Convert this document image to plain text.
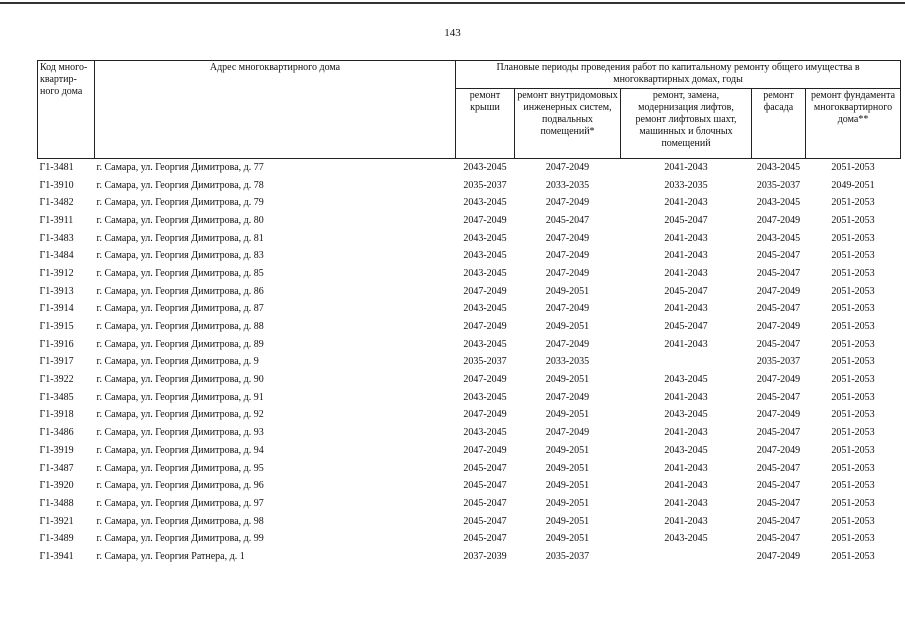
143
Код много-квартир-ного дома	Адрес многоквартирного дома	Плановые периоды проведения работ по капитальному ремонту общего имущества в многоквартирных домах, годы				
		ремонт крыши	ремонт внутридомовых инженерных систем, подвальных помещений*	ремонт, замена, модернизация лифтов, ремонт лифтовых шахт, машинных и блочных помещений	ремонт фасада	ремонт фундамента многоквартирного дома**
Г1-3481	г. Самара, ул. Георгия Димитрова, д. 77	2043-2045	2047-2049	2041-2043	2043-2045	2051-2053
Г1-3910	г. Самара, ул. Георгия Димитрова, д. 78	2035-2037	2033-2035	2033-2035	2035-2037	2049-2051
Г1-3482	г. Самара, ул. Георгия Димитрова, д. 79	2043-2045	2047-2049	2041-2043	2043-2045	2051-2053
Г1-3911	г. Самара, ул. Георгия Димитрова, д. 80	2047-2049	2045-2047	2045-2047	2047-2049	2051-2053
Г1-3483	г. Самара, ул. Георгия Димитрова, д. 81	2043-2045	2047-2049	2041-2043	2043-2045	2051-2053
Г1-3484	г. Самара, ул. Георгия Димитрова, д. 83	2043-2045	2047-2049	2041-2043	2045-2047	2051-2053
Г1-3912	г. Самара, ул. Георгия Димитрова, д. 85	2043-2045	2047-2049	2041-2043	2045-2047	2051-2053
Г1-3913	г. Самара, ул. Георгия Димитрова, д. 86	2047-2049	2049-2051	2045-2047	2047-2049	2051-2053
Г1-3914	г. Самара, ул. Георгия Димитрова, д. 87	2043-2045	2047-2049	2041-2043	2045-2047	2051-2053
Г1-3915	г. Самара, ул. Георгия Димитрова, д. 88	2047-2049	2049-2051	2045-2047	2047-2049	2051-2053
Г1-3916	г. Самара, ул. Георгия Димитрова, д. 89	2043-2045	2047-2049	2041-2043	2045-2047	2051-2053
Г1-3917	г. Самара, ул. Георгия Димитрова, д. 9	2035-2037	2033-2035		2035-2037	2051-2053
Г1-3922	г. Самара, ул. Георгия Димитрова, д. 90	2047-2049	2049-2051	2043-2045	2047-2049	2051-2053
Г1-3485	г. Самара, ул. Георгия Димитрова, д. 91	2043-2045	2047-2049	2041-2043	2045-2047	2051-2053
Г1-3918	г. Самара, ул. Георгия Димитрова, д. 92	2047-2049	2049-2051	2043-2045	2047-2049	2051-2053
Г1-3486	г. Самара, ул. Георгия Димитрова, д. 93	2043-2045	2047-2049	2041-2043	2045-2047	2051-2053
Г1-3919	г. Самара, ул. Георгия Димитрова, д. 94	2047-2049	2049-2051	2043-2045	2047-2049	2051-2053
Г1-3487	г. Самара, ул. Георгия Димитрова, д. 95	2045-2047	2049-2051	2041-2043	2045-2047	2051-2053
Г1-3920	г. Самара, ул. Георгия Димитрова, д. 96	2045-2047	2049-2051	2041-2043	2045-2047	2051-2053
Г1-3488	г. Самара, ул. Георгия Димитрова, д. 97	2045-2047	2049-2051	2041-2043	2045-2047	2051-2053
Г1-3921	г. Самара, ул. Георгия Димитрова, д. 98	2045-2047	2049-2051	2041-2043	2045-2047	2051-2053
Г1-3489	г. Самара, ул. Георгия Димитрова, д. 99	2045-2047	2049-2051	2043-2045	2045-2047	2051-2053
Г1-3941	г. Самара, ул. Георгия Ратнера, д. 1	2037-2039	2035-2037		2047-2049	2051-2053
